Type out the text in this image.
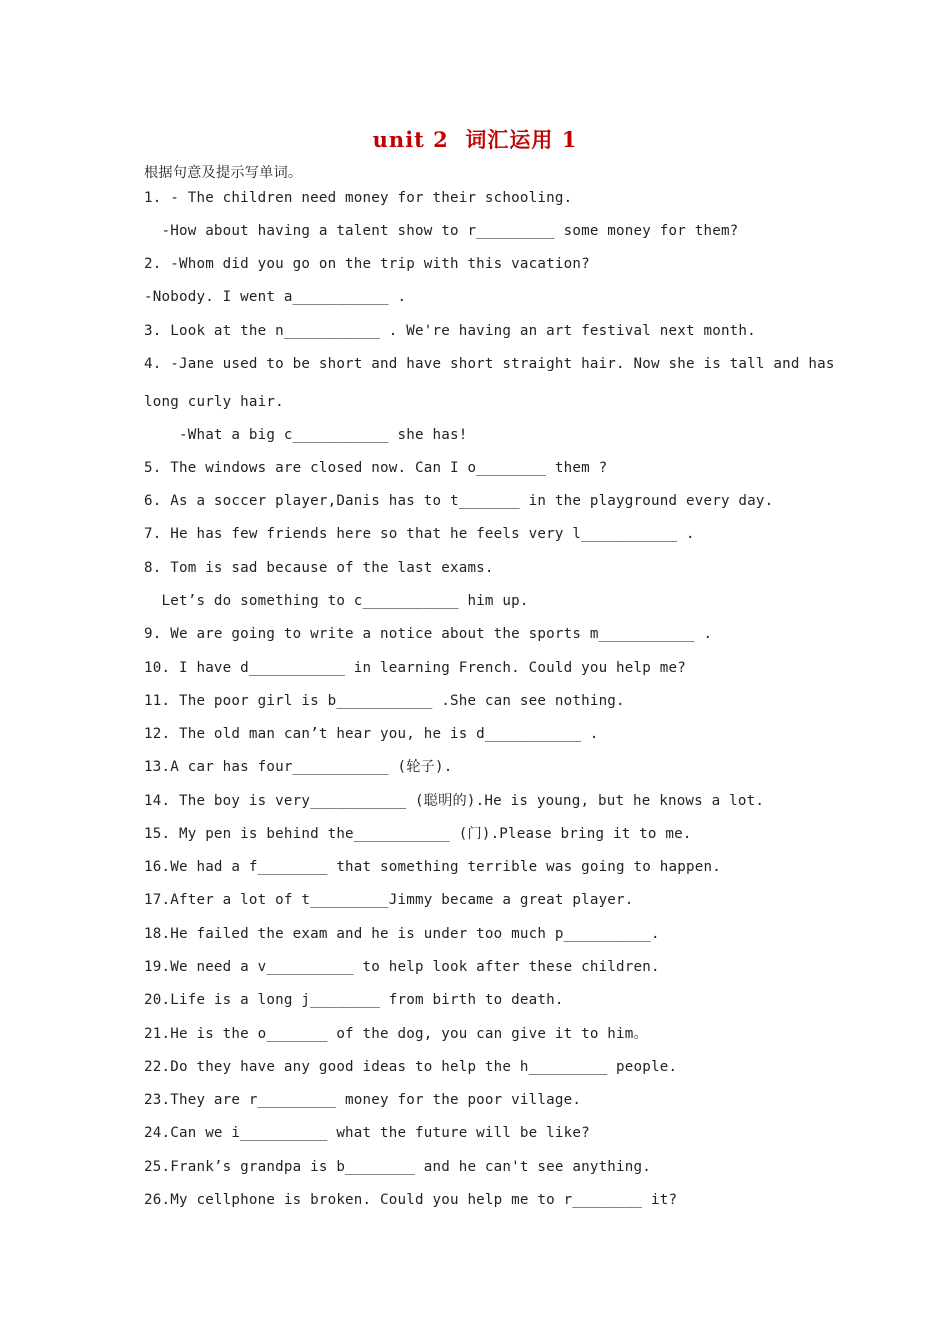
unit 2  词汇运用 1
根据句意及提示写单词。
1. - The children need money for their schooling.
-How about having a talent show to r_________ some money for them?
2. -Whom did you go on the trip with this vacation?
-Nobody. I went a___________ .
3. Look at the n___________ . We're having an art festival next month.
4. -Jane used to be short and have short straight hair. Now she is tall and has
long curly hair.
-What a big c___________ she has!
5. The windows are closed now. Can I o________ them ?
6. As a soccer player,Danis has to t_______ in the playground every day.
7. He has few friends here so that he feels very l___________ .
8. Tom is sad because of the last exams.
Let’s do something to c___________ him up.
9. We are going to write a notice about the sports m___________ .
10. I have d___________ in learning French. Could you help me?
11. The poor girl is b___________ .She can see nothing.
12. The old man can’t hear you, he is d___________ .
13.A car has four___________ (轮子).
14. The boy is very___________ (聪明的).He is young, but he knows a lot.
15. My pen is behind the___________ (门).Please bring it to me.
16.We had a f________ that something terrible was going to happen.
17.After a lot of t_________Jimmy became a great player.
18.He failed the exam and he is under too much p__________.
19.We need a v__________ to help look after these children.
20.Life is a long j________ from birth to death.
21.He is the o_______ of the dog, you can give it to him。
22.Do they have any good ideas to help the h_________ people.
23.They are r_________ money for the poor village.
24.Can we i__________ what the future will be like?
25.Frank’s grandpa is b________ and he can't see anything.
26.My cellphone is broken. Could you help me to r________ it?
